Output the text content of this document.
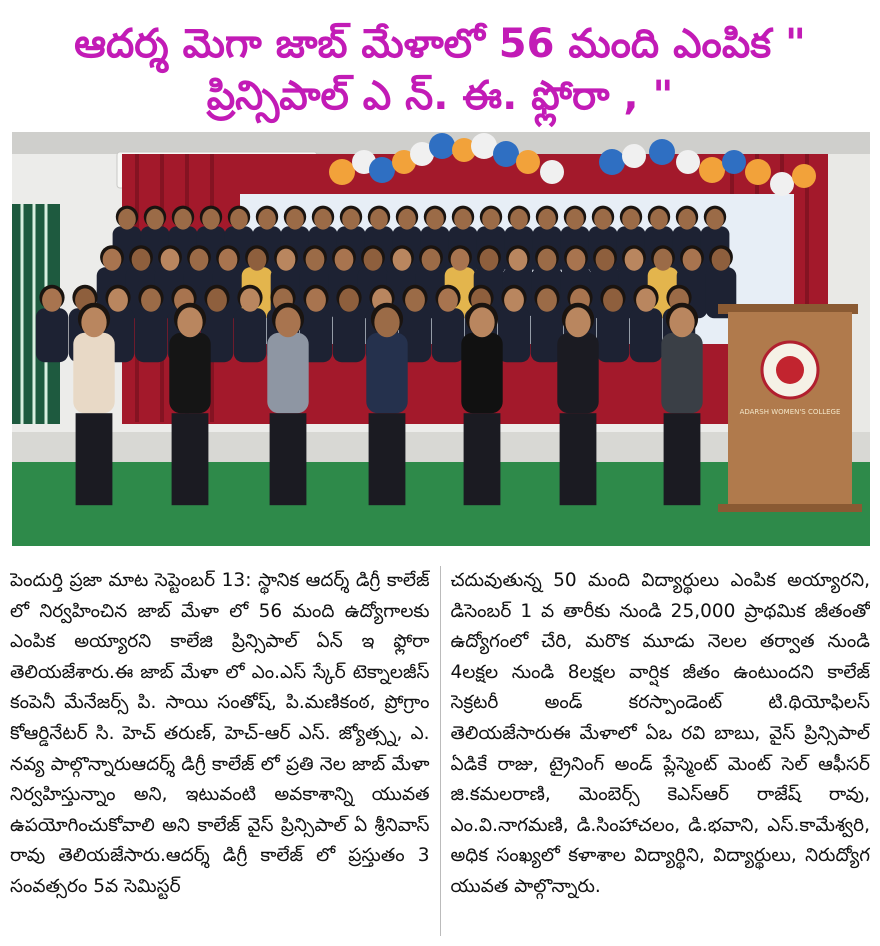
ఆదర్శ మెగా జాబ్ మేళాలో 56 మంది ఎంపిక "
ప్రిన్సిపాల్ ఎ న్. ఈ. ఫ్లోరా , "
ADARSH WOMEN'S COLLEGE
పెందుర్తి ప్రజా మాట సెప్టెంబర్ 13: స్థానిక ఆదర్శ్ డిగ్రీ కాలేజ్ లో నిర్వహించిన జాబ్ మేళా లో 56 మంది ఉద్యోగాలకు ఎంపిక అయ్యారని కాలేజి ప్రిన్సిపాల్ ఏన్ ఇ ఫ్లోరా తెలియజేశారు.ఈ జాబ్ మేళా లో ఎం.ఎస్ స్కేర్ టెక్నాలజీస్ కంపెనీ మేనేజర్స్ పి. సాయి సంతోష్, పి.మణికంఠ, ప్రోగ్రాం కోఆర్డినేటర్ సి. హెచ్ తరుణ్, హెచ్-ఆర్ ఎస్. జ్యోత్స్న, ఎ. నవ్య పాల్గొన్నారుఆదర్శ్ డిగ్రీ కాలేజ్ లో ప్రతి నెల జాబ్ మేళా నిర్వహిస్తున్నాం అని, ఇటువంటి అవకాశాన్ని యువత ఉపయోగించుకోవాలి అని కాలేజ్ వైస్ ప్రిన్సిపాల్ ఏ శ్రీనివాస్ రావు తెలియజేసారు.ఆదర్శ్ డిగ్రీ కాలేజ్ లో ప్రస్తుతం 3 సంవత్సరం 5వ సెమిస్టర్
చదువుతున్న 50 మంది విద్యార్థులు ఎంపిక అయ్యారని, డిసెంబర్ 1 వ తారీకు నుండి 25,000 ప్రాథమిక జీతంతో ఉద్యోగంలో చేరి, మరొక మూడు నెలల తర్వాత నుండి 4లక్షల నుండి 8లక్షల వార్షిక జీతం ఉంటుందని కాలేజ్ సెక్రటరీ అండ్ కరస్పాండెంట్ టి.థియోఫిలస్ తెలియజేసారుఈ మేళాలో ఏఒ రవి బాబు, వైస్ ప్రిన్సిపాల్ ఏడికే రాజు, ట్రైనింగ్ అండ్ ప్లేస్మెంట్ మెంట్ సెల్ ఆఫీసర్ జి.కమలరాణి, మెంబెర్స్ కెఎస్ఆర్ రాజేష్ రావు, ఎం.వి.నాగమణి, డి.సింహాచలం, డి.భవాని, ఎస్.కామేశ్వరి, అధిక సంఖ్యలో కళాశాల విద్యార్థిని, విద్యార్థులు, నిరుద్యోగ యువత పాల్గొన్నారు.
